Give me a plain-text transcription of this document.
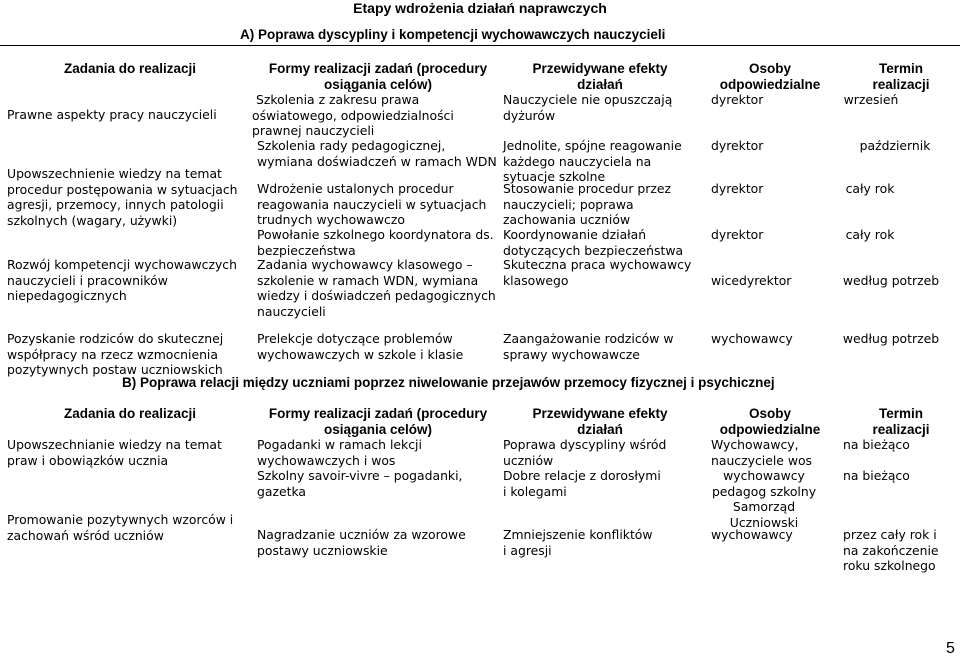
Etapy wdrożenia działań naprawczych
A) Poprawa dyscypliny i kompetencji wychowawczych nauczycieli
Zadania do realizacji	Formy realizacji zadań (procedury
osiągania celów)
Przewidywane efekty
działań
Osoby
odpowiedzialne
Termin
realizacji
Prawne aspekty pracy nauczycieli
Upowszechnienie wiedzy na temat
procedur postępowania w sytuacjach
agresji, przemocy, innych patologii
szkolnych (wagary, używki)
Rozwój kompetencji wychowawczych
nauczycieli i pracowników
niepedagogicznych
Pozyskanie rodziców do skutecznej
współpracy na rzecz wzmocnienia
pozytywnych postaw uczniowskich
Szkolenia z zakresu prawa
oświatowego, odpowiedzialności
prawnej nauczycieli
Szkolenia rady pedagogicznej,
wymiana doświadczeń w ramach WDN
Wdrożenie ustalonych procedur
reagowania nauczycieli w sytuacjach
trudnych wychowawczo
Powołanie szkolnego koordynatora ds.
bezpieczeństwa
Zadania wychowawcy klasowego –
szkolenie w ramach WDN, wymiana
wiedzy i doświadczeń pedagogicznych
nauczycieli
Prelekcje dotyczące problemów
wychowawczych w szkole i klasie
Nauczyciele nie opuszczają
dyżurów
Jednolite, spójne reagowanie
każdego nauczyciela na
sytuacje szkolne
Stosowanie procedur przez
nauczycieli; poprawa
zachowania uczniów
Koordynowanie działań
dotyczących bezpieczeństwa
Skuteczna praca wychowawcy
klasowego
Zaangażowanie rodziców w
sprawy wychowawcze
dyrektor
dyrektor
dyrektor
dyrektor
wicedyrektor
wychowawcy
wrzesień
październik
cały rok
cały rok
według potrzeb
według potrzeb
B) Poprawa relacji między uczniami poprzez niwelowanie przejawów przemocy fizycznej i psychicznej
Zadania do realizacji	Formy realizacji zadań (procedury
osiągania celów)
Przewidywane efekty
działań
Osoby
odpowiedzialne
Termin
realizacji
Upowszechnianie wiedzy na temat
praw i obowiązków ucznia
Promowanie pozytywnych wzorców i
zachowań wśród uczniów
Pogadanki w ramach lekcji
wychowawczych i wos
Szkolny savoir-vivre – pogadanki,
gazetka
Nagradzanie uczniów za wzorowe
postawy uczniowskie
Poprawa dyscypliny wśród
uczniów
Dobre relacje z dorosłymi
i kolegami
Zmniejszenie konfliktów
i agresji
Wychowawcy,
nauczyciele wos
wychowawcy
pedagog szkolny
Samorząd
Uczniowski
wychowawcy
na bieżąco
na bieżąco
przez cały rok i
na zakończenie
roku szkolnego
5
